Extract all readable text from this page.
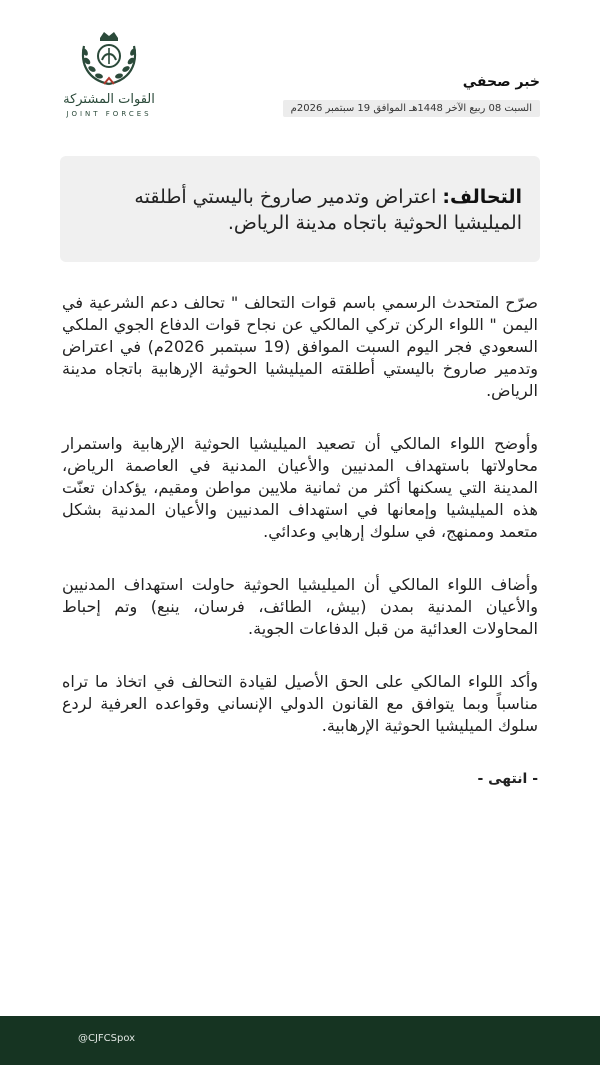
القوات المشتركة
JOINT FORCES
خبر صحفي
السبت 08 ربيع الآخر 1448هـ الموافق 19 سبتمبر 2026م
التحالف: اعتراض وتدمير صاروخ باليستي أطلقته الميليشيا الحوثية باتجاه مدينة الرياض.

صرّح المتحدث الرسمي باسم قوات التحالف " تحالف دعم الشرعية في اليمن " اللواء الركن تركي المالكي عن نجاح قوات الدفاع الجوي الملكي السعودي فجر اليوم السبت الموافق (19 سبتمبر 2026م) في اعتراض وتدمير صاروخ باليستي أطلقته الميليشيا الحوثية الإرهابية باتجاه مدينة الرياض.

وأوضح اللواء المالكي أن تصعيد الميليشيا الحوثية الإرهابية واستمرار محاولاتها باستهداف المدنيين والأعيان المدنية في العاصمة الرياض، المدينة التي يسكنها أكثر من ثمانية ملايين مواطن ومقيم، يؤكدان تعنّت هذه الميليشيا وإمعانها في استهداف المدنيين والأعيان المدنية بشكل متعمد وممنهج، في سلوك إرهابي وعدائي.

وأضاف اللواء المالكي أن الميليشيا الحوثية حاولت استهداف المدنيين والأعيان المدنية بمدن (بيش، الطائف، فرسان، ينبع) وتم إحباط المحاولات العدائية من قبل الدفاعات الجوية.

وأكد اللواء المالكي على الحق الأصيل لقيادة التحالف في اتخاذ ما تراه مناسباً وبما يتوافق مع القانون الدولي الإنساني وقواعده العرفية لردع سلوك الميليشيا الحوثية الإرهابية.

- انتهى -

@CJFCSpox
